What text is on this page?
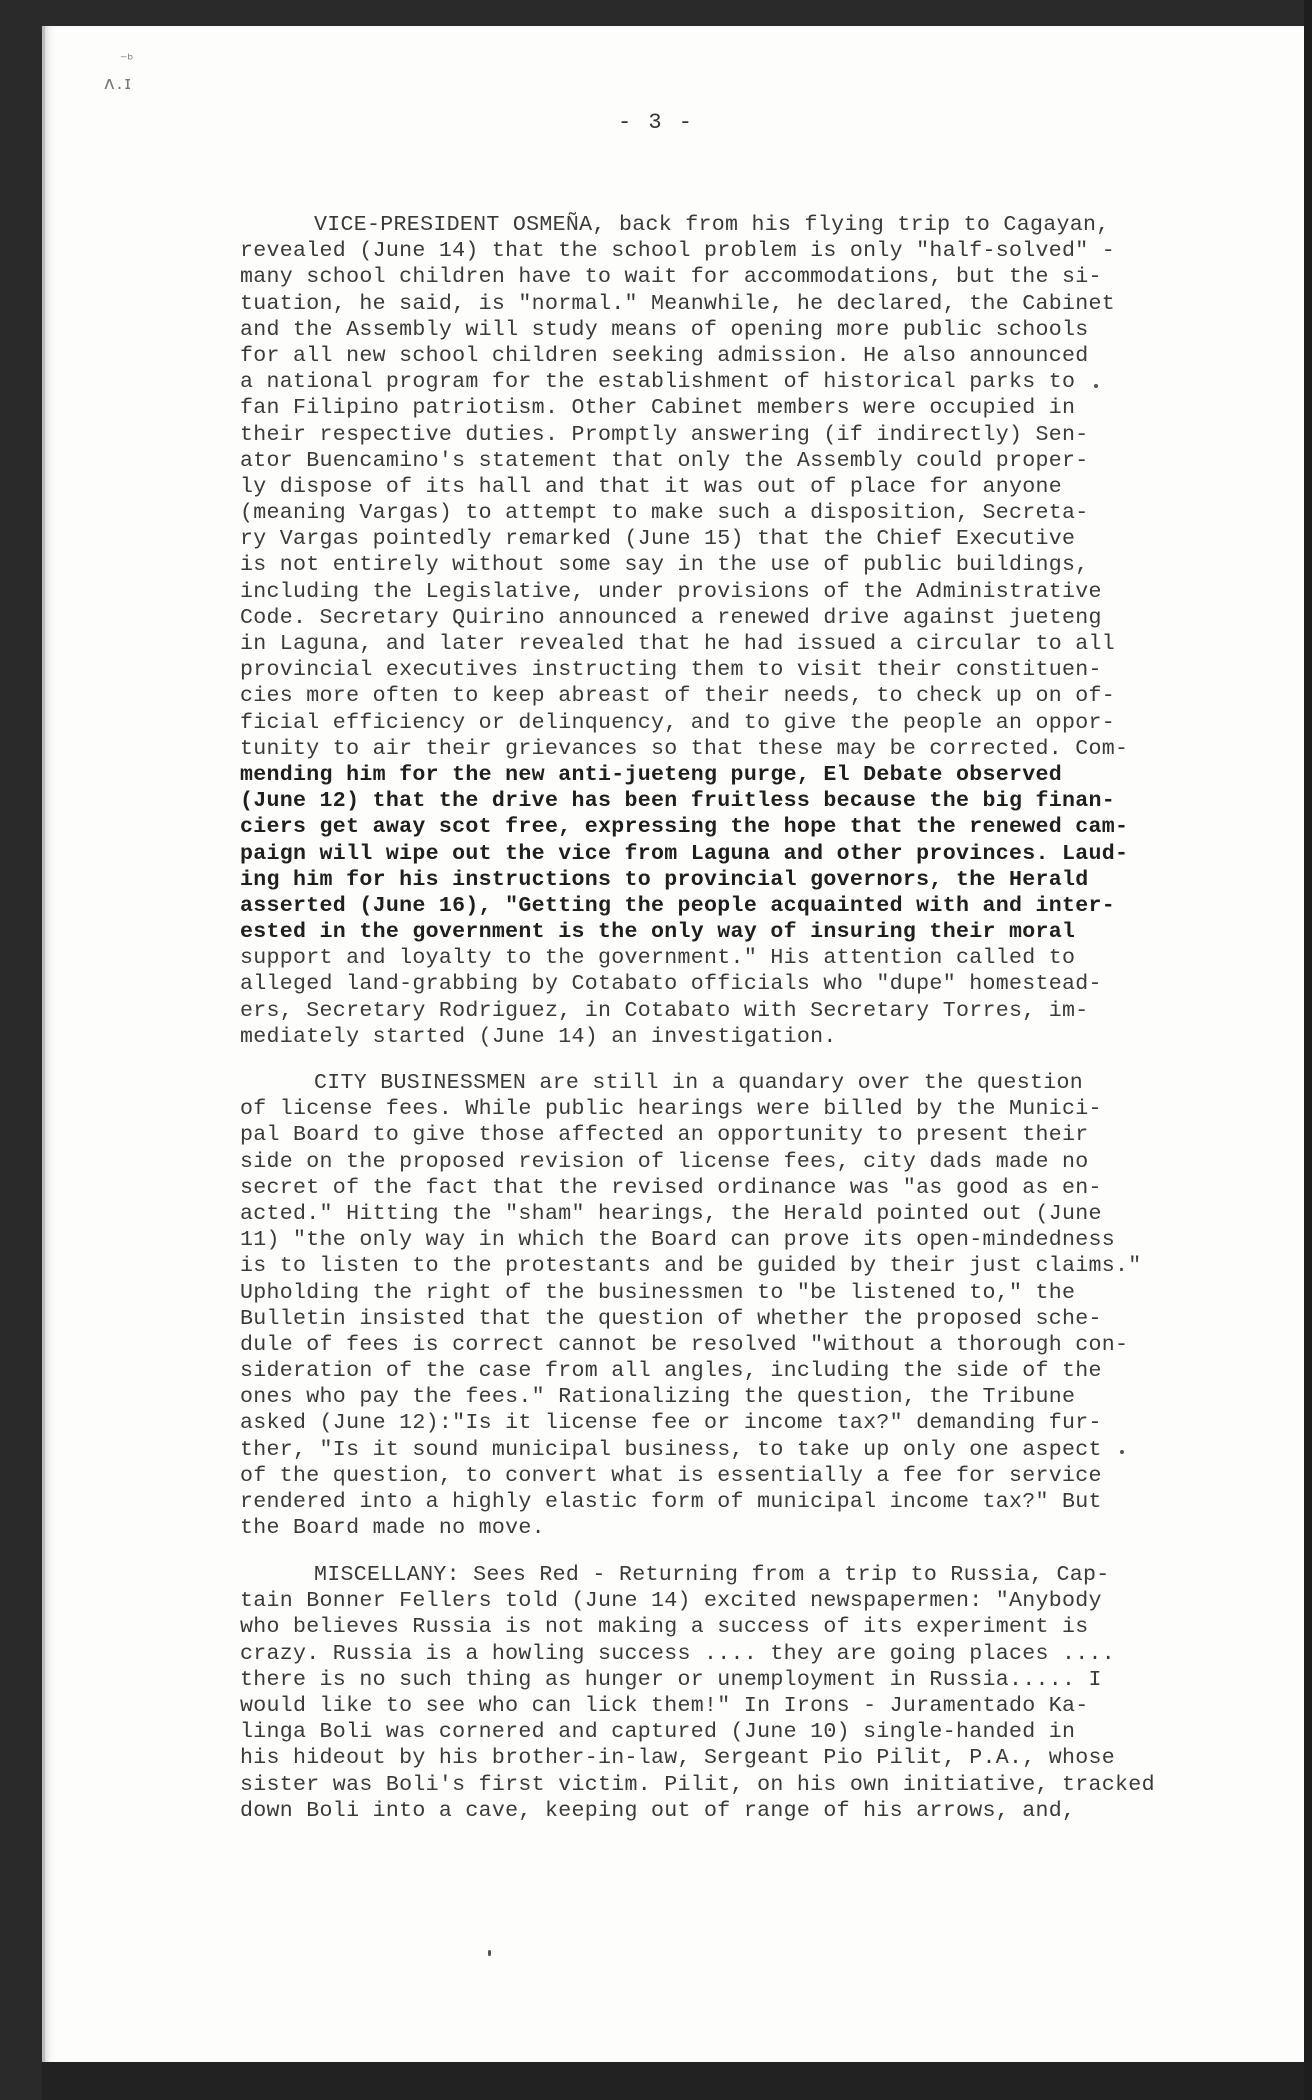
⁻ᵇ
ʌ.ɪ
- 3 -

VICE-PRESIDENT OSMEÑA, back from his flying trip to Cagayan,
revealed (June 14) that the school problem is only "half-solved" -
many school children have to wait for accommodations, but the si-
tuation, he said, is "normal." Meanwhile, he declared, the Cabinet
and the Assembly will study means of opening more public schools
for all new school children seeking admission. He also announced
a national program for the establishment of historical parks to
fan Filipino patriotism. Other Cabinet members were occupied in
their respective duties. Promptly answering (if indirectly) Sen-
ator Buencamino's statement that only the Assembly could proper-
ly dispose of its hall and that it was out of place for anyone
(meaning Vargas) to attempt to make such a disposition, Secreta-
ry Vargas pointedly remarked (June 15) that the Chief Executive
is not entirely without some say in the use of public buildings,
including the Legislative, under provisions of the Administrative
Code. Secretary Quirino announced a renewed drive against jueteng
in Laguna, and later revealed that he had issued a circular to all
provincial executives instructing them to visit their constituen-
cies more often to keep abreast of their needs, to check up on of-
ficial efficiency or delinquency, and to give the people an oppor-
tunity to air their grievances so that these may be corrected. Com-
mending him for the new anti-jueteng purge, El Debate observed
(June 12) that the drive has been fruitless because the big finan-
ciers get away scot free, expressing the hope that the renewed cam-
paign will wipe out the vice from Laguna and other provinces. Laud-
ing him for his instructions to provincial governors, the Herald
asserted (June 16), "Getting the people acquainted with and inter-
ested in the government is the only way of insuring their moral
support and loyalty to the government." His attention called to
alleged land-grabbing by Cotabato officials who "dupe" homestead-
ers, Secretary Rodriguez, in Cotabato with Secretary Torres, im-
mediately started (June 14) an investigation.

CITY BUSINESSMEN are still in a quandary over the question
of license fees. While public hearings were billed by the Munici-
pal Board to give those affected an opportunity to present their
side on the proposed revision of license fees, city dads made no
secret of the fact that the revised ordinance was "as good as en-
acted." Hitting the "sham" hearings, the Herald pointed out (June
11) "the only way in which the Board can prove its open-mindedness
is to listen to the protestants and be guided by their just claims."
Upholding the right of the businessmen to "be listened to," the
Bulletin insisted that the question of whether the proposed sche-
dule of fees is correct cannot be resolved "without a thorough con-
sideration of the case from all angles, including the side of the
ones who pay the fees." Rationalizing the question, the Tribune
asked (June 12):"Is it license fee or income tax?" demanding fur-
ther, "Is it sound municipal business, to take up only one aspect
of the question, to convert what is essentially a fee for service
rendered into a highly elastic form of municipal income tax?" But
the Board made no move.

MISCELLANY: Sees Red - Returning from a trip to Russia, Cap-
tain Bonner Fellers told (June 14) excited newspapermen: "Anybody
who believes Russia is not making a success of its experiment is
crazy. Russia is a howling success .... they are going places ....
there is no such thing as hunger or unemployment in Russia..... I
would like to see who can lick them!" In Irons - Juramentado Ka-
linga Boli was cornered and captured (June 10) single-handed in
his hideout by his brother-in-law, Sergeant Pio Pilit, P.A., whose
sister was Boli's first victim. Pilit, on his own initiative, tracked
down Boli into a cave, keeping out of range of his arrows, and,
